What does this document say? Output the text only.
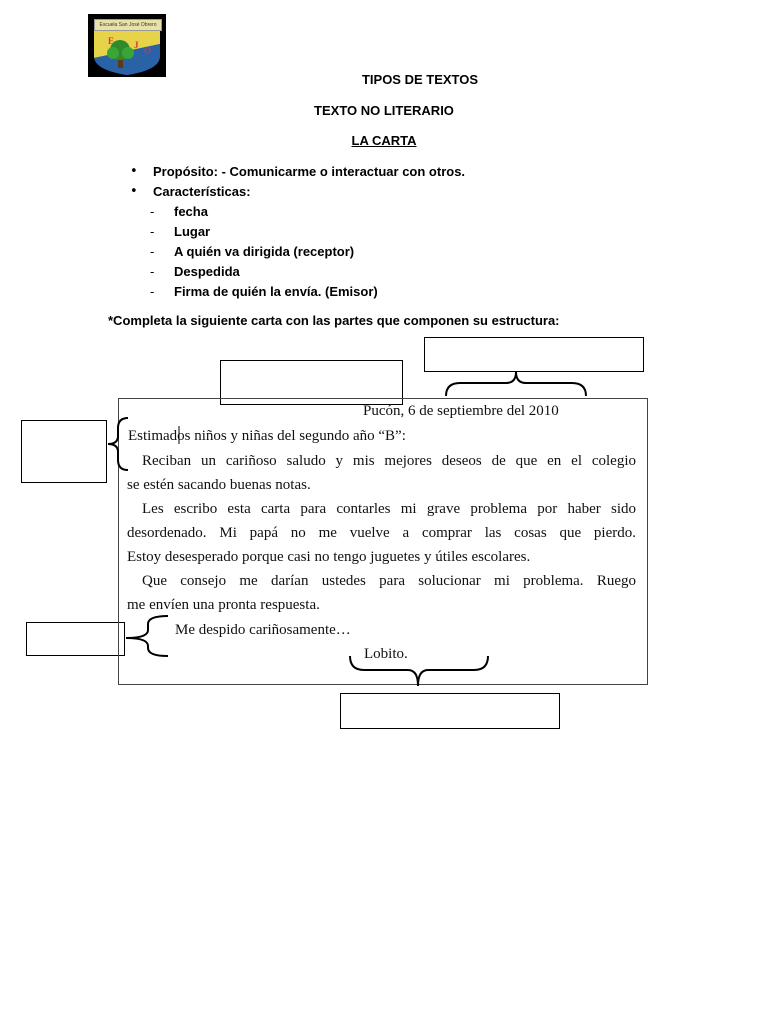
Escuela San José Obrero
E J
O
TIPOS DE TEXTOS
TEXTO NO LITERARIO
LA CARTA
• Propósito: - Comunicarme o interactuar con otros.
• Características:
- fecha
- Lugar
- A quién va dirigida (receptor)
- Despedida
- Firma de quién la envía. (Emisor)
*Completa la siguiente carta con las partes que componen su estructura:
Pucón, 6 de septiembre del 2010
Estimados niños y niñas del segundo año “B”:
Reciban un cariñoso saludo y mis mejores deseos de que en el colegio
se estén sacando buenas notas.
Les escribo esta carta para contarles mi grave problema por haber sido
desordenado. Mi papá no me vuelve a comprar las cosas que pierdo.
Estoy desesperado porque casi no tengo juguetes y útiles escolares.
Que consejo me darían ustedes para solucionar mi problema. Ruego
me envíen una pronta respuesta.
Me despido cariñosamente…
Lobito.
